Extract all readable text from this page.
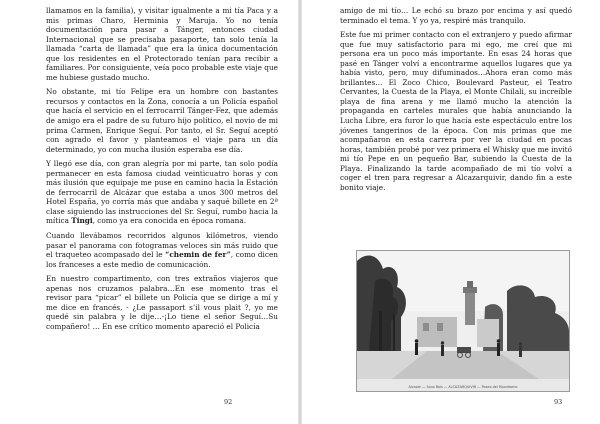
llamamos en la familia), y visitar igualmente a mi tía Paca y a mis primas Charo, Herminia y Maruja. Yo no tenía documentación para pasar a Tánger, entonces ciudad Internacional que se precisaba pasaporte, tan solo tenía la llamada “carta de llamada” que era la única documentación que los residentes en el Protectorado tenían para recibir a familiares. Por consiguiente, veía poco probable este viaje que me hubiese gustado mucho.

No obstante, mi tío Felipe era un hombre con bastantes recursos y contactos en la Zona, conocía a un Policía español que hacía el servicio en el ferrocarril Tánger-Fez, que además de amigo era el padre de su futuro hijo político, el novio de mi prima Carmen, Enrique Seguí. Por tanto, el Sr. Seguí aceptó con agrado el favor y planteamos el viaje para un día determinado, yo con mucha ilusión esperaba ese día.

Y llegó ese día, con gran alegría por mi parte, tan solo podía permanecer en esta famosa ciudad veinticuatro horas y con más ilusión que equipaje me puse en camino hacia la Estación de ferrocarril de Alcázar que estaba a unos 300 metros del Hotel España, yo corría más que andaba y saqué billete en 2ª clase siguiendo las instrucciones del Sr. Seguí, rumbo hacia la mítica Tingi, como ya era conocida en época romana.

Cuando llevábamos recorridos algunos kilómetros, viendo pasar el panorama con fotogramas veloces sin más ruido que el traqueteo acompasado del le “chemin de fer”, como dicen los franceses a este medio de comunicación.

En nuestro compartimento, con tres extraños viajeros que apenas nos cruzamos palabra…En ese momento tras el revisor para “picar” el billete un Policía que se dirige a mí y me dice en francés, - ¿Le passaport s’il vous plait ?, yo me quedé sin palabra y le dije…-¡Lo tiene el señor Seguí…Su compañero! … En ese crítico momento apareció el Policía

92

amigo de mi tío… Le echó su brazo por encima y así quedó terminado el tema. Y yo ya, respiré más tranquilo.

Este fue mi primer contacto con el extranjero y puedo afirmar que fue muy satisfactorio para mi ego, me creí que mi persona era un poco más importante. En esas 24 horas que pasé en Tánger volví a encontrarme aquellos lugares que ya había visto, pero, muy difuminados…Ahora eran como más brillantes… El Zoco Chico, Boulevard Pasteur, el Teatro Cervantes, la Cuesta de la Playa, el Monte Chilali, su increíble playa de fina arena y me llamó mucho la atención la propaganda en carteles murales que había anunciando la Lucha Libre, era furor lo que hacía este espectáculo entre los jóvenes tangerinos de la época. Con mis primas que me acompañaron en esta carrera por ver la ciudad en pocas horas, también probé por vez primera el Whisky que me invitó mi tío Pepe en un pequeño Bar, subiendo la Cuesta de la Playa. Finalizando la tarde acompañado de mi tío volví a coger el tren para regresar a Alcazarquivir, dando fin a este bonito viaje.

Alcazar — Sous Bois — ALCAZARQUIVIR — Paseo del Hipodromo
93
